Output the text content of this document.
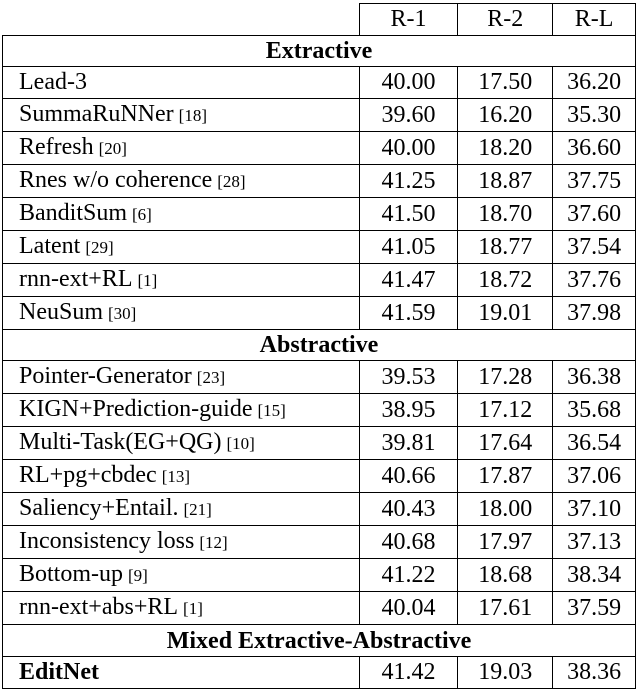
	R-1	R-2	R-L
Extractive			
Lead-3	40.00	17.50	36.20
SummaRuNNer [18]	39.60	16.20	35.30
Refresh [20]	40.00	18.20	36.60
Rnes w/o coherence [28]	41.25	18.87	37.75
BanditSum [6]	41.50	18.70	37.60
Latent [29]	41.05	18.77	37.54
rnn-ext+RL [1]	41.47	18.72	37.76
NeuSum [30]	41.59	19.01	37.98
Abstractive			
Pointer-Generator [23]	39.53	17.28	36.38
KIGN+Prediction-guide [15]	38.95	17.12	35.68
Multi-Task(EG+QG) [10]	39.81	17.64	36.54
RL+pg+cbdec [13]	40.66	17.87	37.06
Saliency+Entail. [21]	40.43	18.00	37.10
Inconsistency loss [12]	40.68	17.97	37.13
Bottom-up [9]	41.22	18.68	38.34
rnn-ext+abs+RL [1]	40.04	17.61	37.59
Mixed Extractive-Abstractive			
EditNet	41.42	19.03	38.36
